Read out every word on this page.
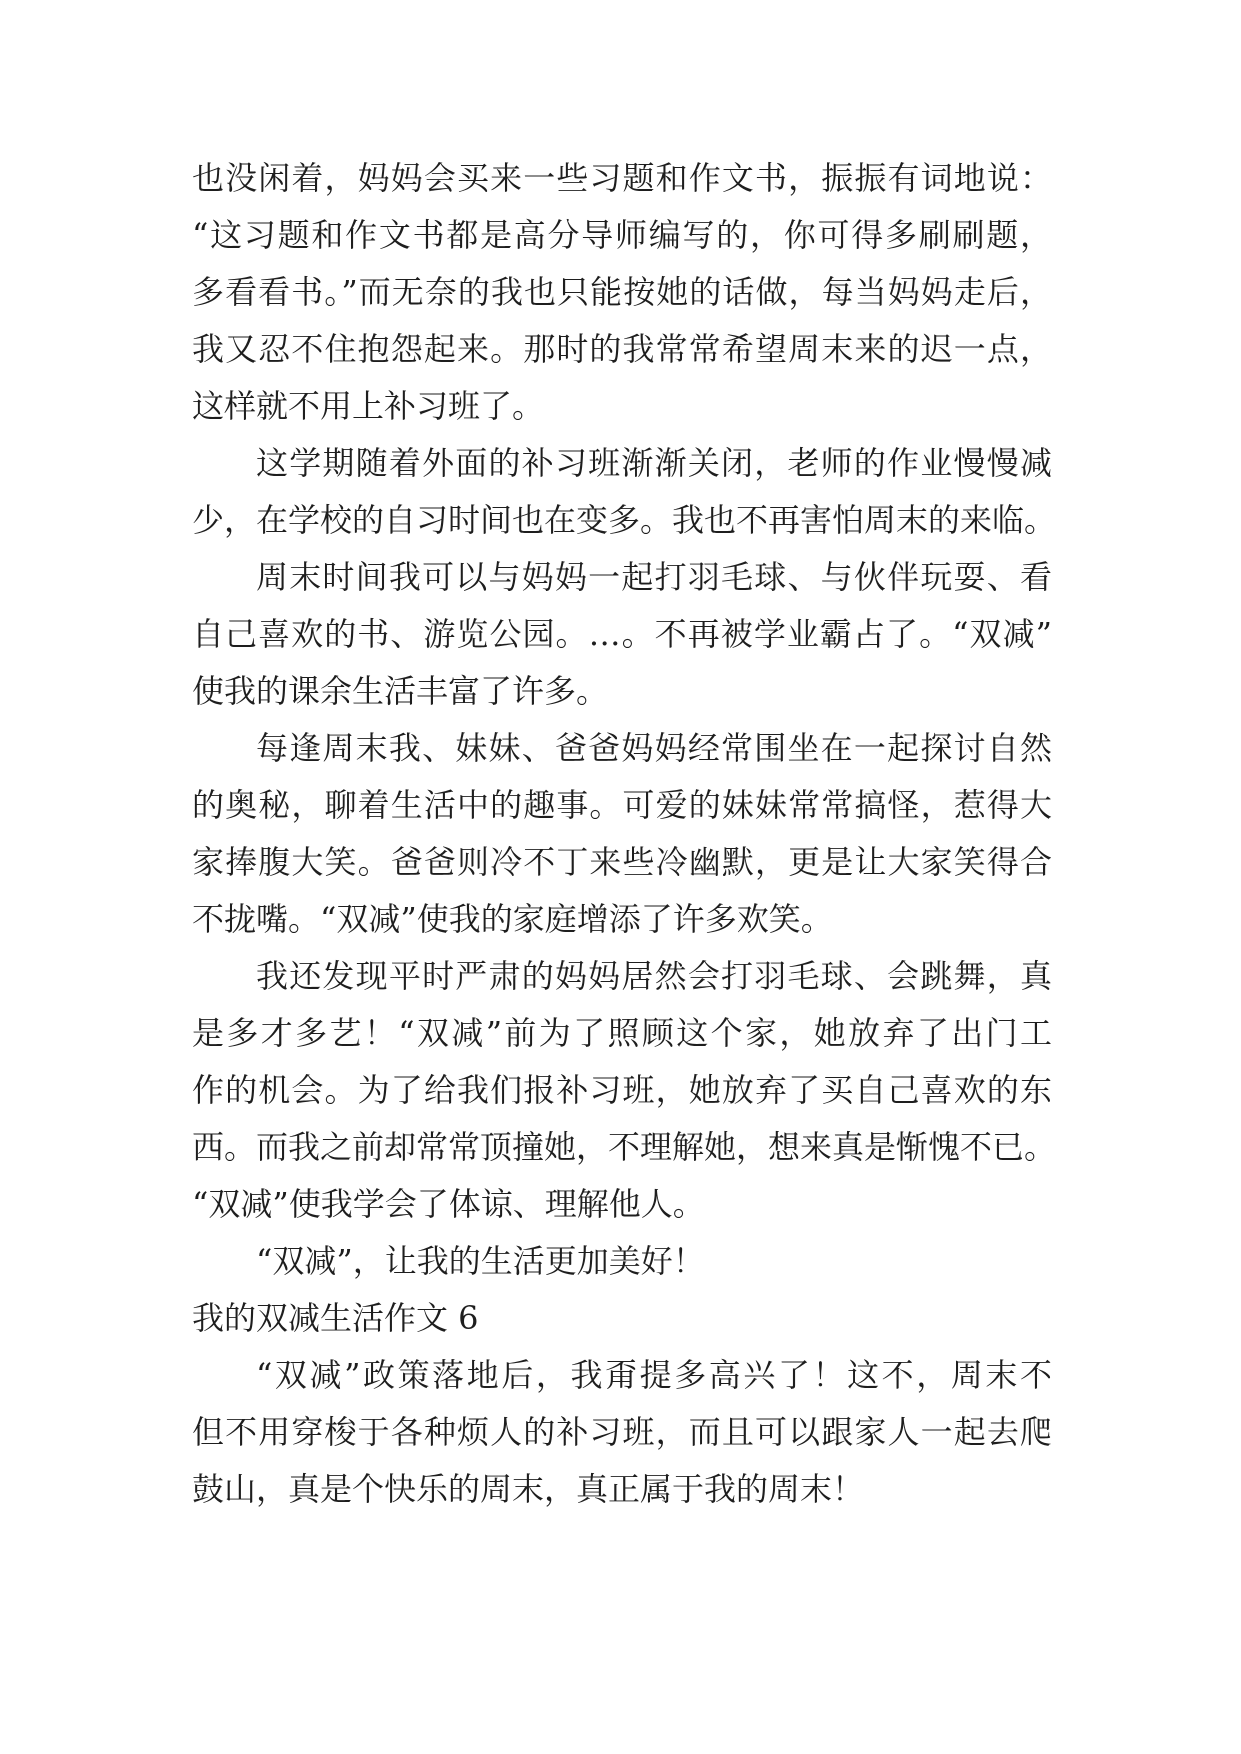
也没闲着，妈妈会买来一些习题和作文书，振振有词地说：
“这习题和作文书都是高分导师编写的，你可得多刷刷题，
多看看书。”而无奈的我也只能按她的话做，每当妈妈走后，
我又忍不住抱怨起来。那时的我常常希望周末来的迟一点，
这样就不用上补习班了。
这学期随着外面的补习班渐渐关闭，老师的作业慢慢减
少，在学校的自习时间也在变多。我也不再害怕周末的来临。
周末时间我可以与妈妈一起打羽毛球、与伙伴玩耍、看
自己喜欢的书、游览公园。…。不再被学业霸占了。“双减”
使我的课余生活丰富了许多。
每逢周末我、妹妹、爸爸妈妈经常围坐在一起探讨自然
的奥秘，聊着生活中的趣事。可爱的妹妹常常搞怪，惹得大
家捧腹大笑。爸爸则冷不丁来些冷幽默，更是让大家笑得合
不拢嘴。“双减”使我的家庭增添了许多欢笑。
我还发现平时严肃的妈妈居然会打羽毛球、会跳舞，真
是多才多艺！“双减”前为了照顾这个家，她放弃了出门工
作的机会。为了给我们报补习班，她放弃了买自己喜欢的东
西。而我之前却常常顶撞她，不理解她，想来真是惭愧不已。
“双减”使我学会了体谅、理解他人。
“双减”，让我的生活更加美好！
我的双减生活作文 6
“双减”政策落地后，我甭提多高兴了！这不，周末不
但不用穿梭于各种烦人的补习班，而且可以跟家人一起去爬
鼓山，真是个快乐的周末，真正属于我的周末！
